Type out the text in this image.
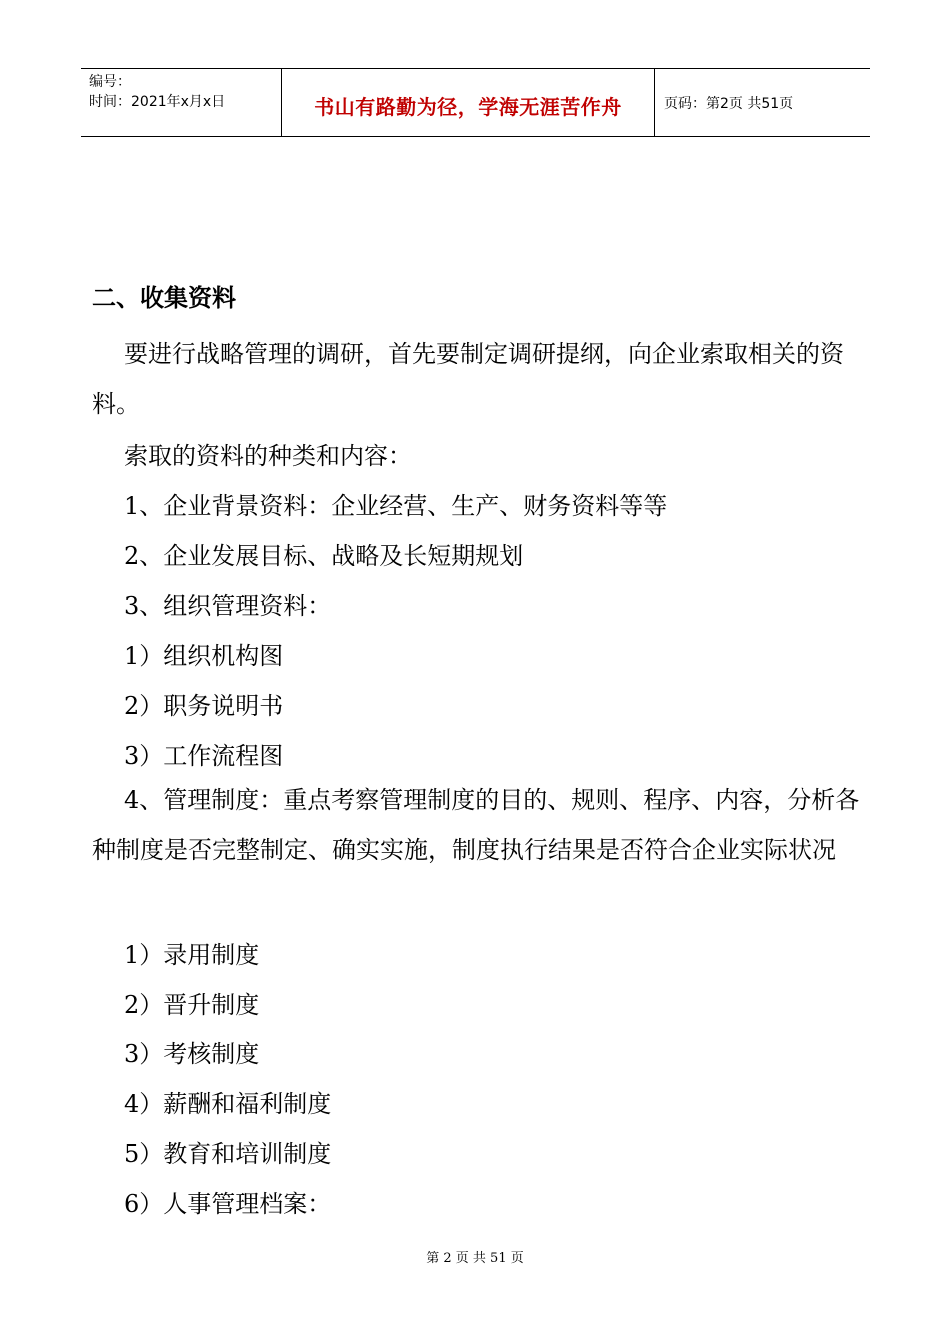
编号：
时间：2021年x月x日	书山有路勤为径，学海无涯苦作舟	页码：第2页 共51页
二、收集资料
要进行战略管理的调研，首先要制定调研提纲，向企业索取相关的资料。
索取的资料的种类和内容：
1、企业背景资料：企业经营、生产、财务资料等等
2、企业发展目标、战略及长短期规划
3、组织管理资料：
1）组织机构图
2）职务说明书
3）工作流程图
4、管理制度：重点考察管理制度的目的、规则、程序、内容，分析各种制度是否完整制定、确实实施，制度执行结果是否符合企业实际状况
1）录用制度
2）晋升制度
3）考核制度
4）薪酬和福利制度
5）教育和培训制度
6）人事管理档案：
第 2 页 共 51 页
